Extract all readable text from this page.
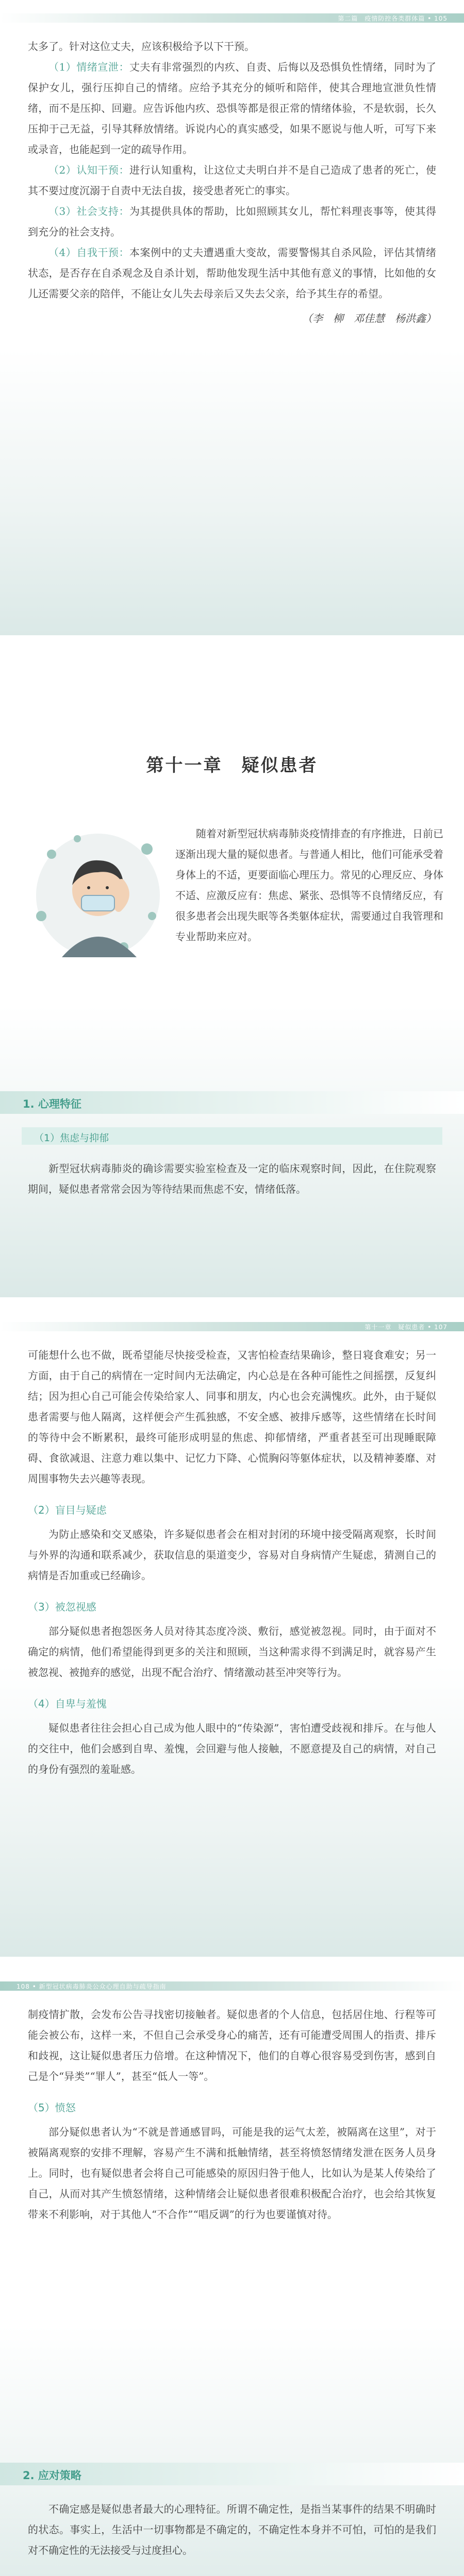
第二篇　疫情防控各类群体篇 • 105

太多了。针对这位丈夫，应该积极给予以下干预。

（1）情绪宣泄：丈夫有非常强烈的内疚、自责、后悔以及恐惧负性情绪，同时为了保护女儿，强行压抑自己的情绪。应给予其充分的倾听和陪伴，使其合理地宣泄负性情绪，而不是压抑、回避。应告诉他内疚、恐惧等都是很正常的情绪体验，不是软弱，长久压抑于己无益，引导其释放情绪。诉说内心的真实感受，如果不愿说与他人听，可写下来或录音，也能起到一定的疏导作用。

（2）认知干预：进行认知重构，让这位丈夫明白并不是自己造成了患者的死亡，使其不要过度沉溺于自责中无法自拔，接受患者死亡的事实。

（3）社会支持：为其提供具体的帮助，比如照顾其女儿，帮忙料理丧事等，使其得到充分的社会支持。

（4）自我干预：本案例中的丈夫遭遇重大变故，需要警惕其自杀风险，评估其情绪状态，是否存在自杀观念及自杀计划，帮助他发现生活中其他有意义的事情，比如他的女儿还需要父亲的陪伴，不能让女儿失去母亲后又失去父亲，给予其生存的希望。

（李　柳　邓佳慧　杨洪鑫）

第十一章　疑似患者

随着对新型冠状病毒肺炎疫情排查的有序推进，日前已逐渐出现大量的疑似患者。与普通人相比，他们可能承受着身体上的不适，更要面临心理压力。常见的心理反应、身体不适、应激反应有：焦虑、紧张、恐惧等不良情绪反应，有很多患者会出现失眠等各类躯体症状，需要通过自我管理和专业帮助来应对。

1. 心理特征
（1）焦虑与抑郁

新型冠状病毒肺炎的确诊需要实验室检查及一定的临床观察时间，因此，在住院观察期间，疑似患者常常会因为等待结果而焦虑不安，情绪低落。

第十一章　疑似患者 • 107

可能想什么也不做，既希望能尽快接受检查，又害怕检查结果确诊，整日寝食难安；另一方面，由于自己的病情在一定时间内无法确定，内心总是在各种可能性之间摇摆，反复纠结；因为担心自己可能会传染给家人、同事和朋友，内心也会充满愧疚。此外，由于疑似患者需要与他人隔离，这样便会产生孤独感，不安全感、被排斥感等，这些情绪在长时间的等待中会不断累积，最终可能形成明显的焦虑、抑郁情绪，严重者甚至可出现睡眠障碍、食欲减退、注意力难以集中、记忆力下降、心慌胸闷等躯体症状，以及精神萎靡、对周围事物失去兴趣等表现。

（2）盲目与疑虑

为防止感染和交叉感染，许多疑似患者会在相对封闭的环境中接受隔离观察，长时间与外界的沟通和联系减少，获取信息的渠道变少，容易对自身病情产生疑虑，猜测自己的病情是否加重或已经确诊。

（3）被忽视感

部分疑似患者抱怨医务人员对待其态度冷淡、敷衍，感觉被忽视。同时，由于面对不确定的病情，他们希望能得到更多的关注和照顾，当这种需求得不到满足时，就容易产生被忽视、被抛弃的感觉，出现不配合治疗、情绪激动甚至冲突等行为。

（4）自卑与羞愧

疑似患者往往会担心自己成为他人眼中的“传染源”，害怕遭受歧视和排斥。在与他人的交往中，他们会感到自卑、羞愧，会回避与他人接触，不愿意提及自己的病情，对自己的身份有强烈的羞耻感。

108 • 新型冠状病毒肺炎公众心理自助与疏导指南

制疫情扩散，会发布公告寻找密切接触者。疑似患者的个人信息，包括居住地、行程等可能会被公布，这样一来，不但自己会承受身心的痛苦，还有可能遭受周围人的指责、排斥和歧视，这让疑似患者压力倍增。在这种情况下，他们的自尊心很容易受到伤害，感到自己是个“异类”“罪人”，甚至“低人一等”。

（5）愤怒

部分疑似患者认为“不就是普通感冒吗，可能是我的运气太差，被隔离在这里”，对于被隔离观察的安排不理解，容易产生不满和抵触情绪，甚至将愤怒情绪发泄在医务人员身上。同时，也有疑似患者会将自己可能感染的原因归咎于他人，比如认为是某人传染给了自己，从而对其产生愤怒情绪，这种情绪会让疑似患者很难积极配合治疗，也会给其恢复带来不利影响，对于其他人“不合作”“唱反调”的行为也要谨慎对待。

2. 应对策略

不确定感是疑似患者最大的心理特征。所谓不确定性，是指当某事件的结果不明确时的状态。事实上，生活中一切事物都是不确定的，不确定性本身并不可怕，可怕的是我们对不确定性的无法接受与过度担心。
